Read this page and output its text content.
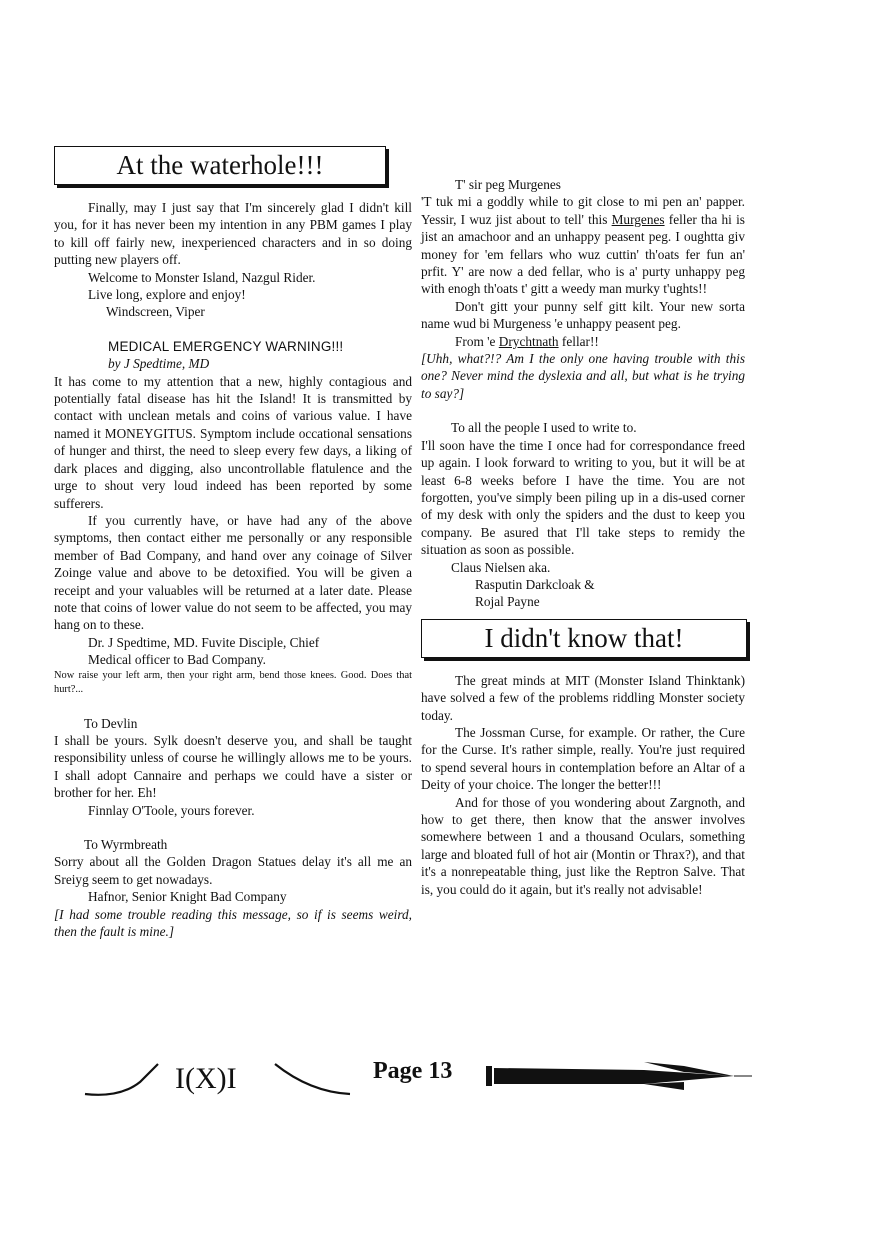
At the waterhole!!!

Finally, may I just say that I'm sincerely glad I didn't kill you, for it has never been my intention in any PBM games I play to kill off fairly new, inexperienced characters and in so doing putting new players off.

Welcome to Monster Island, Nazgul Rider.

Live long, explore and enjoy!

Windscreen, Viper

MEDICAL EMERGENCY WARNING!!!

by J Spedtime, MD

It has come to my attention that a new, highly contagious and potentially fatal disease has hit the Island! It is transmitted by contact with unclean metals and coins of various value. I have named it MONEYGITUS. Symptom include occational sensations of hunger and thirst, the need to sleep every few days, a liking of dark places and digging, also uncontrollable flatulence and the urge to shout very loud indeed has been reported by some sufferers.

If you currently have, or have had any of the above symptoms, then contact either me personally or any responsible member of Bad Company, and hand over any coinage of Silver Zoinge value and above to be detoxified. You will be given a receipt and your valuables will be returned at a later date. Please note that coins of lower value do not seem to be affected, you may hang on to these.

Dr. J Spedtime, MD. Fuvite Disciple, Chief

Medical officer to Bad Company.

Now raise your left arm, then your right arm, bend those knees. Good. Does that hurt?...

To Devlin

I shall be yours. Sylk doesn't deserve you, and shall be taught responsibility unless of course he willingly allows me to be yours. I shall adopt Cannaire and perhaps we could have a sister or brother for her. Eh!

Finnlay O'Toole, yours forever.

To Wyrmbreath

Sorry about all the Golden Dragon Statues delay it's all me an Sreiyg seem to get nowadays.

Hafnor, Senior Knight Bad Company

[I had some trouble reading this message, so if is seems weird, then the fault is mine.]

T' sir peg Murgenes

'T tuk mi a goddly while to git close to mi pen an' papper. Yessir, I wuz jist about to tell' this Murgenes feller tha hi is jist an amachoor and an unhappy peasent peg. I oughtta giv money for 'em fellars who wuz cuttin' th'oats fer fun an' prfit. Y' are now a ded fellar, who is a' purty unhappy peg with enogh th'oats t' gitt a weedy man murky t'ughts!!

Don't gitt your punny self gitt kilt. Your new sorta name wud bi Murgeness 'e unhappy peasent peg.

From 'e Drychtnath fellar!!

[Uhh, what?!? Am I the only one having trouble with this one? Never mind the dyslexia and all, but what is he trying to say?]

To all the people I used to write to.

I'll soon have the time I once had for correspondance freed up again. I look forward to writing to you, but it will be at least 6-8 weeks before I have the time. You are not forgotten, you've simply been piling up in a dis-used corner of my desk with only the spiders and the dust to keep you company. Be asured that I'll take steps to remidy the situation as soon as possible.

Claus Nielsen aka.

Rasputin Darkcloak &

Rojal Payne

I didn't know that!

The great minds at MIT (Monster Island Thinktank) have solved a few of the problems riddling Monster society today.

The Jossman Curse, for example. Or rather, the Cure for the Curse. It's rather simple, really. You're just required to spend several hours in contemplation before an Altar of a Deity of your choice. The longer the better!!!

And for those of you wondering about Zargnoth, and how to get there, then know that the answer involves somewhere between 1 and a thousand Oculars, something large and bloated full of hot air (Montin or Thrax?), and that it's a nonrepeatable thing, just like the Reptron Salve. That is, you could do it again, but it's really not advisable!

I(X)I	Page 13
